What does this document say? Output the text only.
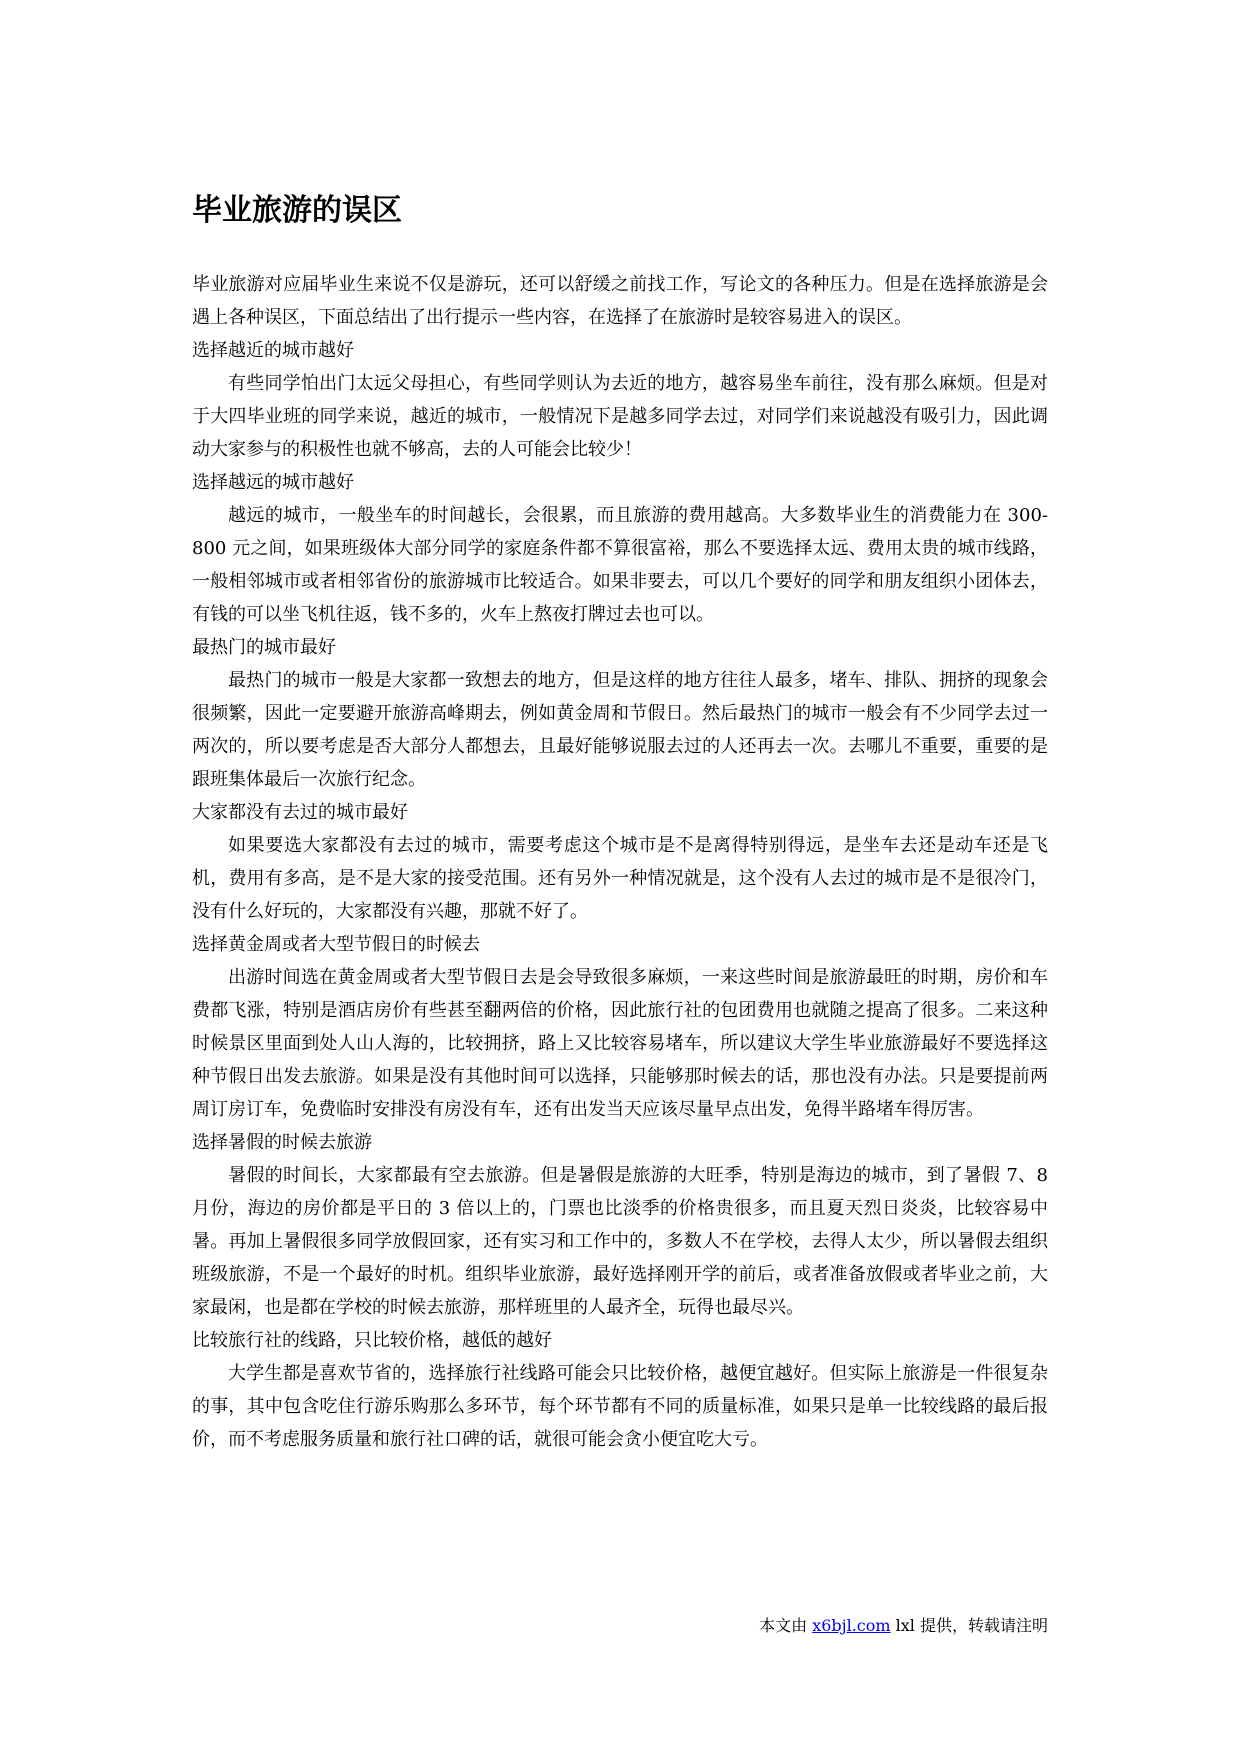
毕业旅游的误区

毕业旅游对应届毕业生来说不仅是游玩，还可以舒缓之前找工作，写论文的各种压力。但是在选择旅游是会遇上各种误区，下面总结出了出行提示一些内容，在选择了在旅游时是较容易进入的误区。

选择越近的城市越好

有些同学怕出门太远父母担心，有些同学则认为去近的地方，越容易坐车前往，没有那么麻烦。但是对于大四毕业班的同学来说，越近的城市，一般情况下是越多同学去过，对同学们来说越没有吸引力，因此调动大家参与的积极性也就不够高，去的人可能会比较少！

选择越远的城市越好

越远的城市，一般坐车的时间越长，会很累，而且旅游的费用越高。大多数毕业生的消费能力在 300-800 元之间，如果班级体大部分同学的家庭条件都不算很富裕，那么不要选择太远、费用太贵的城市线路，一般相邻城市或者相邻省份的旅游城市比较适合。如果非要去，可以几个要好的同学和朋友组织小团体去，有钱的可以坐飞机往返，钱不多的，火车上熬夜打牌过去也可以。

最热门的城市最好

最热门的城市一般是大家都一致想去的地方，但是这样的地方往往人最多，堵车、排队、拥挤的现象会很频繁，因此一定要避开旅游高峰期去，例如黄金周和节假日。然后最热门的城市一般会有不少同学去过一两次的，所以要考虑是否大部分人都想去，且最好能够说服去过的人还再去一次。去哪儿不重要，重要的是跟班集体最后一次旅行纪念。

大家都没有去过的城市最好

如果要选大家都没有去过的城市，需要考虑这个城市是不是离得特别得远，是坐车去还是动车还是飞机，费用有多高，是不是大家的接受范围。还有另外一种情况就是，这个没有人去过的城市是不是很冷门，没有什么好玩的，大家都没有兴趣，那就不好了。

选择黄金周或者大型节假日的时候去

出游时间选在黄金周或者大型节假日去是会导致很多麻烦，一来这些时间是旅游最旺的时期，房价和车费都飞涨，特别是酒店房价有些甚至翻两倍的价格，因此旅行社的包团费用也就随之提高了很多。二来这种时候景区里面到处人山人海的，比较拥挤，路上又比较容易堵车，所以建议大学生毕业旅游最好不要选择这种节假日出发去旅游。如果是没有其他时间可以选择，只能够那时候去的话，那也没有办法。只是要提前两周订房订车，免费临时安排没有房没有车，还有出发当天应该尽量早点出发，免得半路堵车得厉害。

选择暑假的时候去旅游

暑假的时间长，大家都最有空去旅游。但是暑假是旅游的大旺季，特别是海边的城市，到了暑假 7、8 月份，海边的房价都是平日的 3 倍以上的，门票也比淡季的价格贵很多，而且夏天烈日炎炎，比较容易中暑。再加上暑假很多同学放假回家，还有实习和工作中的，多数人不在学校，去得人太少，所以暑假去组织班级旅游，不是一个最好的时机。组织毕业旅游，最好选择刚开学的前后，或者准备放假或者毕业之前，大家最闲，也是都在学校的时候去旅游，那样班里的人最齐全，玩得也最尽兴。

比较旅行社的线路，只比较价格，越低的越好

大学生都是喜欢节省的，选择旅行社线路可能会只比较价格，越便宜越好。但实际上旅游是一件很复杂的事，其中包含吃住行游乐购那么多环节，每个环节都有不同的质量标准，如果只是单一比较线路的最后报价，而不考虑服务质量和旅行社口碑的话，就很可能会贪小便宜吃大亏。

本文由 x6bjl.com lxl 提供，转载请注明
